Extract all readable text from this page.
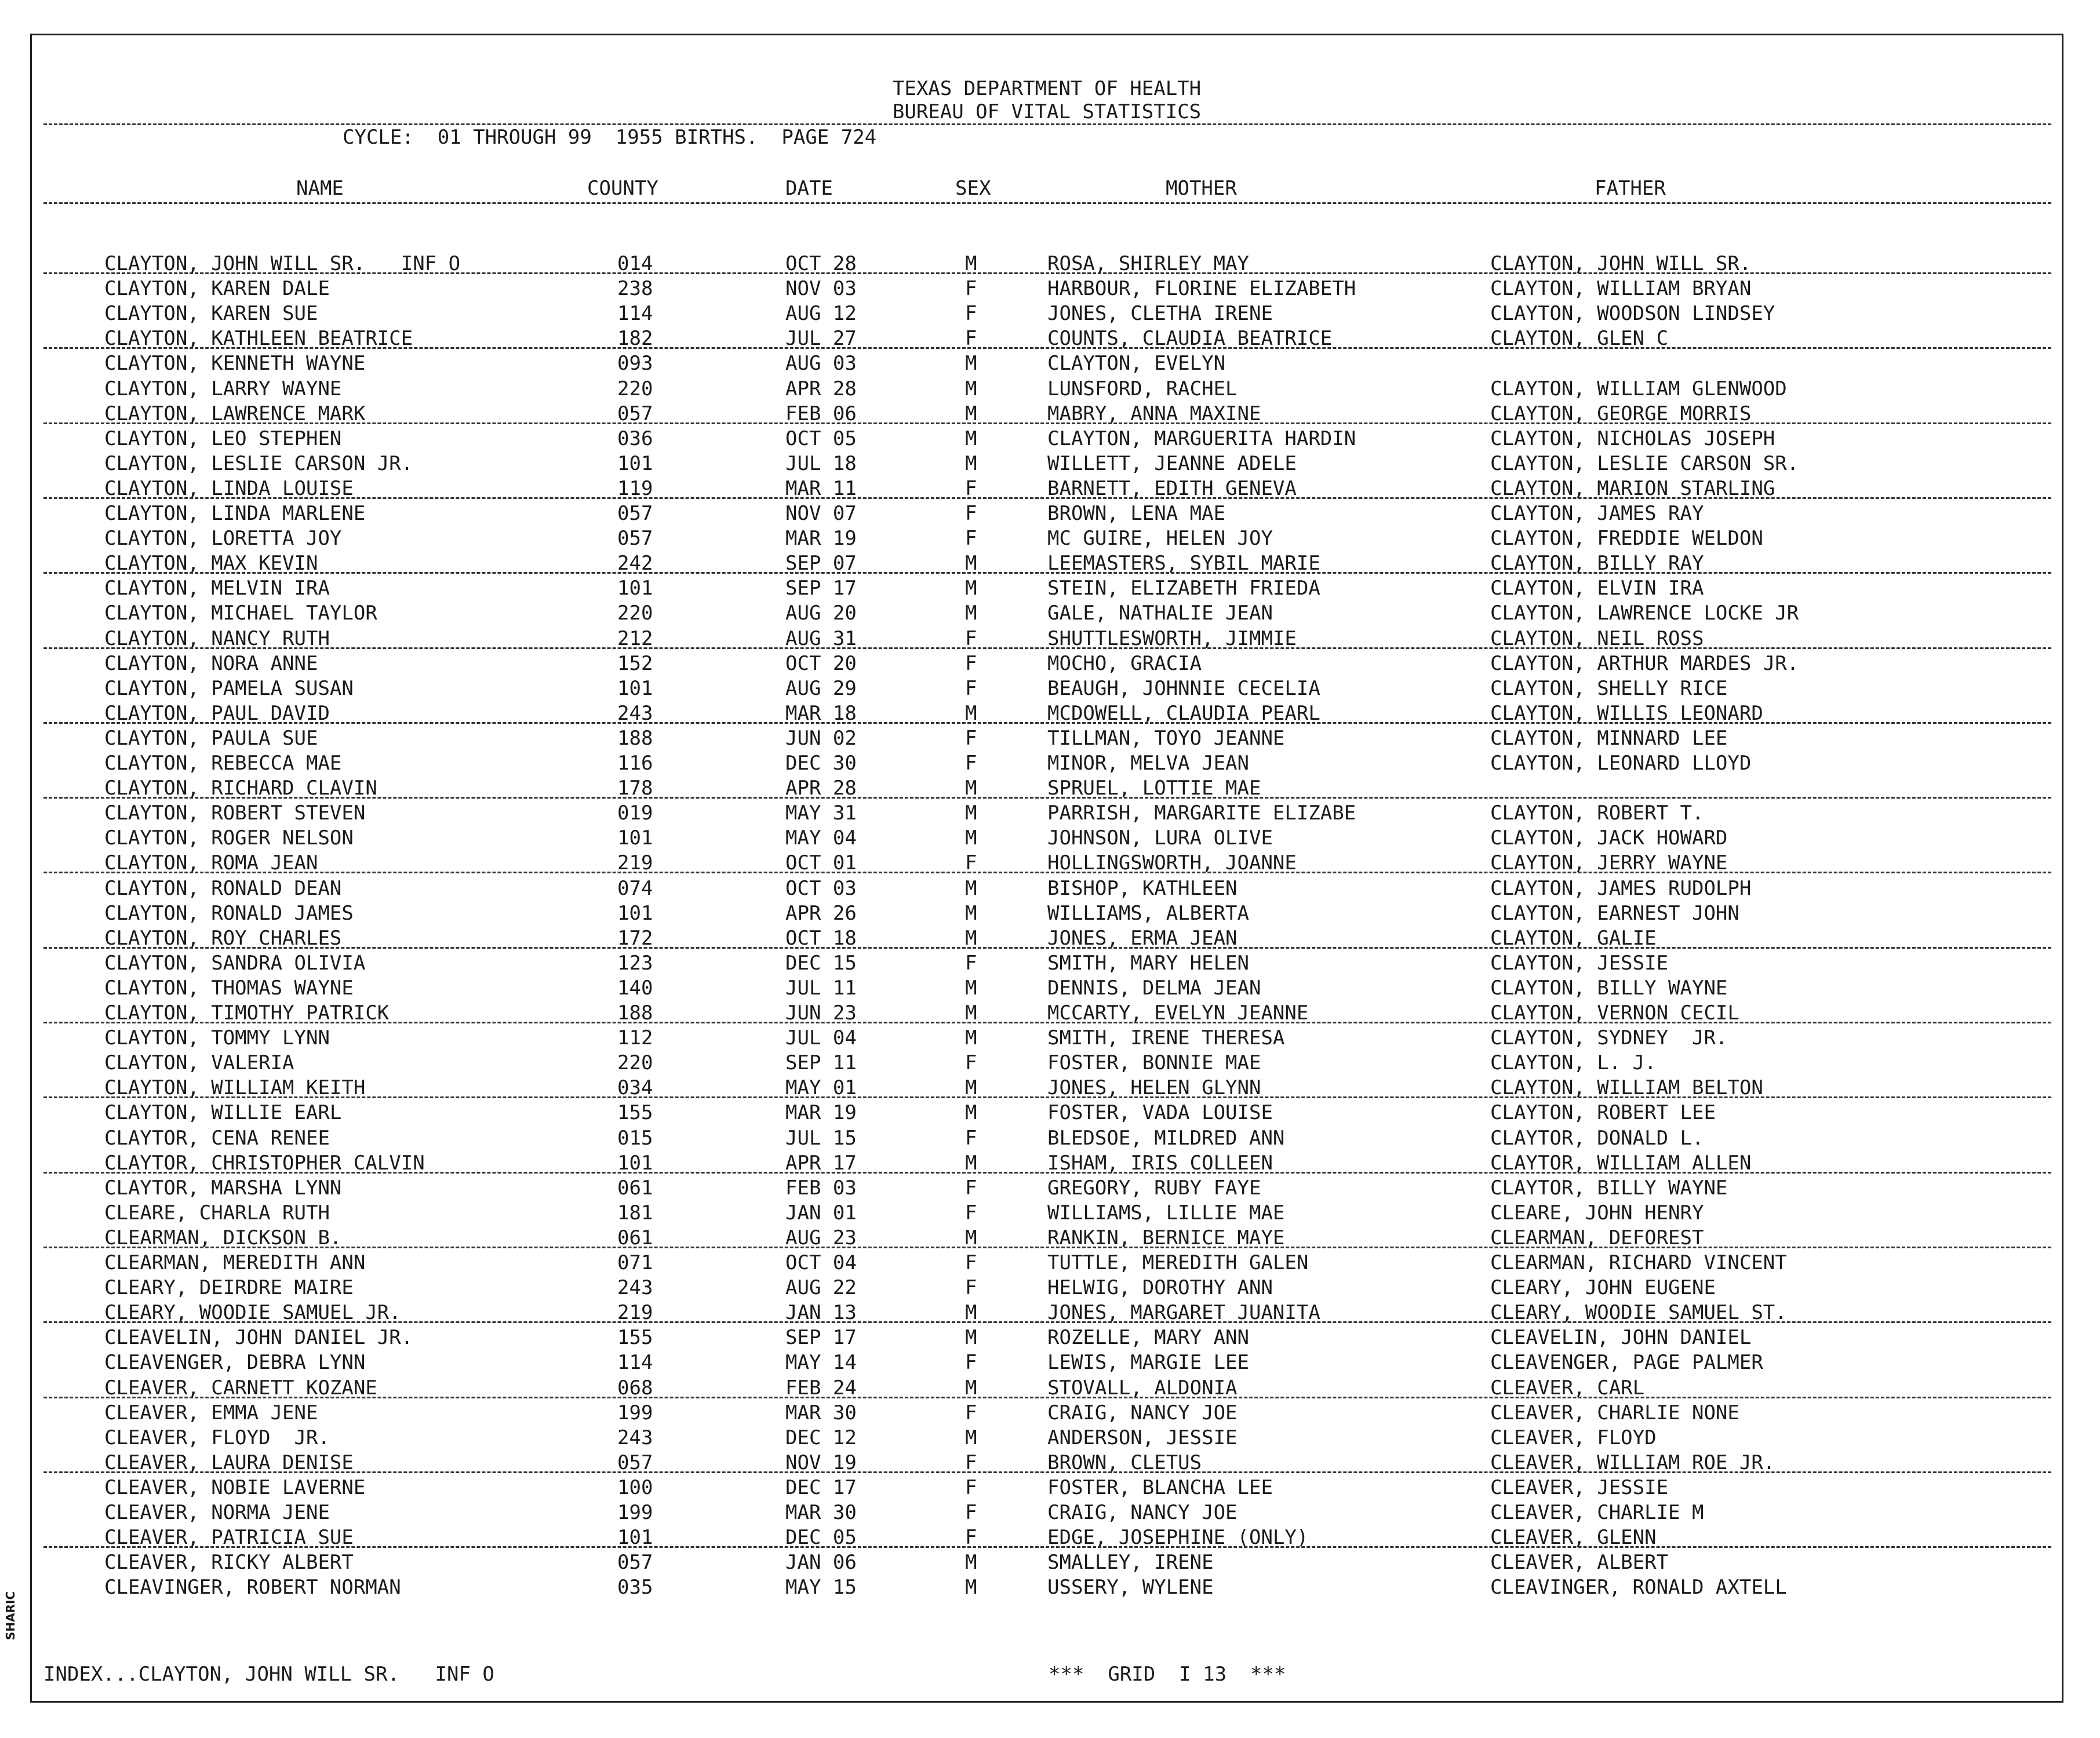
TEXAS DEPARTMENT OF HEALTH
BUREAU OF VITAL STATISTICS
CYCLE:  01 THROUGH 99  1955 BIRTHS.  PAGE 724
NAME	COUNTY	DATE	SEX	MOTHER	FATHER
CLAYTON, JOHN WILL SR.   INF O	014	OCT 28	M	ROSA, SHIRLEY MAY	CLAYTON, JOHN WILL SR.
CLAYTON, KAREN DALE	238	NOV 03	F	HARBOUR, FLORINE ELIZABETH	CLAYTON, WILLIAM BRYAN
CLAYTON, KAREN SUE	114	AUG 12	F	JONES, CLETHA IRENE	CLAYTON, WOODSON LINDSEY
CLAYTON, KATHLEEN BEATRICE	182	JUL 27	F	COUNTS, CLAUDIA BEATRICE	CLAYTON, GLEN C
CLAYTON, KENNETH WAYNE	093	AUG 03	M	CLAYTON, EVELYN
CLAYTON, LARRY WAYNE	220	APR 28	M	LUNSFORD, RACHEL	CLAYTON, WILLIAM GLENWOOD
CLAYTON, LAWRENCE MARK	057	FEB 06	M	MABRY, ANNA MAXINE	CLAYTON, GEORGE MORRIS
CLAYTON, LEO STEPHEN	036	OCT 05	M	CLAYTON, MARGUERITA HARDIN	CLAYTON, NICHOLAS JOSEPH
CLAYTON, LESLIE CARSON JR.	101	JUL 18	M	WILLETT, JEANNE ADELE	CLAYTON, LESLIE CARSON SR.
CLAYTON, LINDA LOUISE	119	MAR 11	F	BARNETT, EDITH GENEVA	CLAYTON, MARION STARLING
CLAYTON, LINDA MARLENE	057	NOV 07	F	BROWN, LENA MAE	CLAYTON, JAMES RAY
CLAYTON, LORETTA JOY	057	MAR 19	F	MC GUIRE, HELEN JOY	CLAYTON, FREDDIE WELDON
CLAYTON, MAX KEVIN	242	SEP 07	M	LEEMASTERS, SYBIL MARIE	CLAYTON, BILLY RAY
CLAYTON, MELVIN IRA	101	SEP 17	M	STEIN, ELIZABETH FRIEDA	CLAYTON, ELVIN IRA
CLAYTON, MICHAEL TAYLOR	220	AUG 20	M	GALE, NATHALIE JEAN	CLAYTON, LAWRENCE LOCKE JR
CLAYTON, NANCY RUTH	212	AUG 31	F	SHUTTLESWORTH, JIMMIE	CLAYTON, NEIL ROSS
CLAYTON, NORA ANNE	152	OCT 20	F	MOCHO, GRACIA	CLAYTON, ARTHUR MARDES JR.
CLAYTON, PAMELA SUSAN	101	AUG 29	F	BEAUGH, JOHNNIE CECELIA	CLAYTON, SHELLY RICE
CLAYTON, PAUL DAVID	243	MAR 18	M	MCDOWELL, CLAUDIA PEARL	CLAYTON, WILLIS LEONARD
CLAYTON, PAULA SUE	188	JUN 02	F	TILLMAN, TOYO JEANNE	CLAYTON, MINNARD LEE
CLAYTON, REBECCA MAE	116	DEC 30	F	MINOR, MELVA JEAN	CLAYTON, LEONARD LLOYD
CLAYTON, RICHARD CLAVIN	178	APR 28	M	SPRUEL, LOTTIE MAE
CLAYTON, ROBERT STEVEN	019	MAY 31	M	PARRISH, MARGARITE ELIZABE	CLAYTON, ROBERT T.
CLAYTON, ROGER NELSON	101	MAY 04	M	JOHNSON, LURA OLIVE	CLAYTON, JACK HOWARD
CLAYTON, ROMA JEAN	219	OCT 01	F	HOLLINGSWORTH, JOANNE	CLAYTON, JERRY WAYNE
CLAYTON, RONALD DEAN	074	OCT 03	M	BISHOP, KATHLEEN	CLAYTON, JAMES RUDOLPH
CLAYTON, RONALD JAMES	101	APR 26	M	WILLIAMS, ALBERTA	CLAYTON, EARNEST JOHN
CLAYTON, ROY CHARLES	172	OCT 18	M	JONES, ERMA JEAN	CLAYTON, GALIE
CLAYTON, SANDRA OLIVIA	123	DEC 15	F	SMITH, MARY HELEN	CLAYTON, JESSIE
CLAYTON, THOMAS WAYNE	140	JUL 11	M	DENNIS, DELMA JEAN	CLAYTON, BILLY WAYNE
CLAYTON, TIMOTHY PATRICK	188	JUN 23	M	MCCARTY, EVELYN JEANNE	CLAYTON, VERNON CECIL
CLAYTON, TOMMY LYNN	112	JUL 04	M	SMITH, IRENE THERESA	CLAYTON, SYDNEY  JR.
CLAYTON, VALERIA	220	SEP 11	F	FOSTER, BONNIE MAE	CLAYTON, L. J.
CLAYTON, WILLIAM KEITH	034	MAY 01	M	JONES, HELEN GLYNN	CLAYTON, WILLIAM BELTON
CLAYTON, WILLIE EARL	155	MAR 19	M	FOSTER, VADA LOUISE	CLAYTON, ROBERT LEE
CLAYTOR, CENA RENEE	015	JUL 15	F	BLEDSOE, MILDRED ANN	CLAYTOR, DONALD L.
CLAYTOR, CHRISTOPHER CALVIN	101	APR 17	M	ISHAM, IRIS COLLEEN	CLAYTOR, WILLIAM ALLEN
CLAYTOR, MARSHA LYNN	061	FEB 03	F	GREGORY, RUBY FAYE	CLAYTOR, BILLY WAYNE
CLEARE, CHARLA RUTH	181	JAN 01	F	WILLIAMS, LILLIE MAE	CLEARE, JOHN HENRY
CLEARMAN, DICKSON B.	061	AUG 23	M	RANKIN, BERNICE MAYE	CLEARMAN, DEFOREST
CLEARMAN, MEREDITH ANN	071	OCT 04	F	TUTTLE, MEREDITH GALEN	CLEARMAN, RICHARD VINCENT
CLEARY, DEIRDRE MAIRE	243	AUG 22	F	HELWIG, DOROTHY ANN	CLEARY, JOHN EUGENE
CLEARY, WOODIE SAMUEL JR.	219	JAN 13	M	JONES, MARGARET JUANITA	CLEARY, WOODIE SAMUEL ST.
CLEAVELIN, JOHN DANIEL JR.	155	SEP 17	M	ROZELLE, MARY ANN	CLEAVELIN, JOHN DANIEL
CLEAVENGER, DEBRA LYNN	114	MAY 14	F	LEWIS, MARGIE LEE	CLEAVENGER, PAGE PALMER
CLEAVER, CARNETT KOZANE	068	FEB 24	M	STOVALL, ALDONIA	CLEAVER, CARL
CLEAVER, EMMA JENE	199	MAR 30	F	CRAIG, NANCY JOE	CLEAVER, CHARLIE NONE
CLEAVER, FLOYD  JR.	243	DEC 12	M	ANDERSON, JESSIE	CLEAVER, FLOYD
CLEAVER, LAURA DENISE	057	NOV 19	F	BROWN, CLETUS	CLEAVER, WILLIAM ROE JR.
CLEAVER, NOBIE LAVERNE	100	DEC 17	F	FOSTER, BLANCHA LEE	CLEAVER, JESSIE
CLEAVER, NORMA JENE	199	MAR 30	F	CRAIG, NANCY JOE	CLEAVER, CHARLIE M
CLEAVER, PATRICIA SUE	101	DEC 05	F	EDGE, JOSEPHINE (ONLY)	CLEAVER, GLENN
CLEAVER, RICKY ALBERT	057	JAN 06	M	SMALLEY, IRENE	CLEAVER, ALBERT
CLEAVINGER, ROBERT NORMAN	035	MAY 15	M	USSERY, WYLENE	CLEAVINGER, RONALD AXTELL
INDEX...CLAYTON, JOHN WILL SR.   INF O	***  GRID  I 13  ***
SHARIC
